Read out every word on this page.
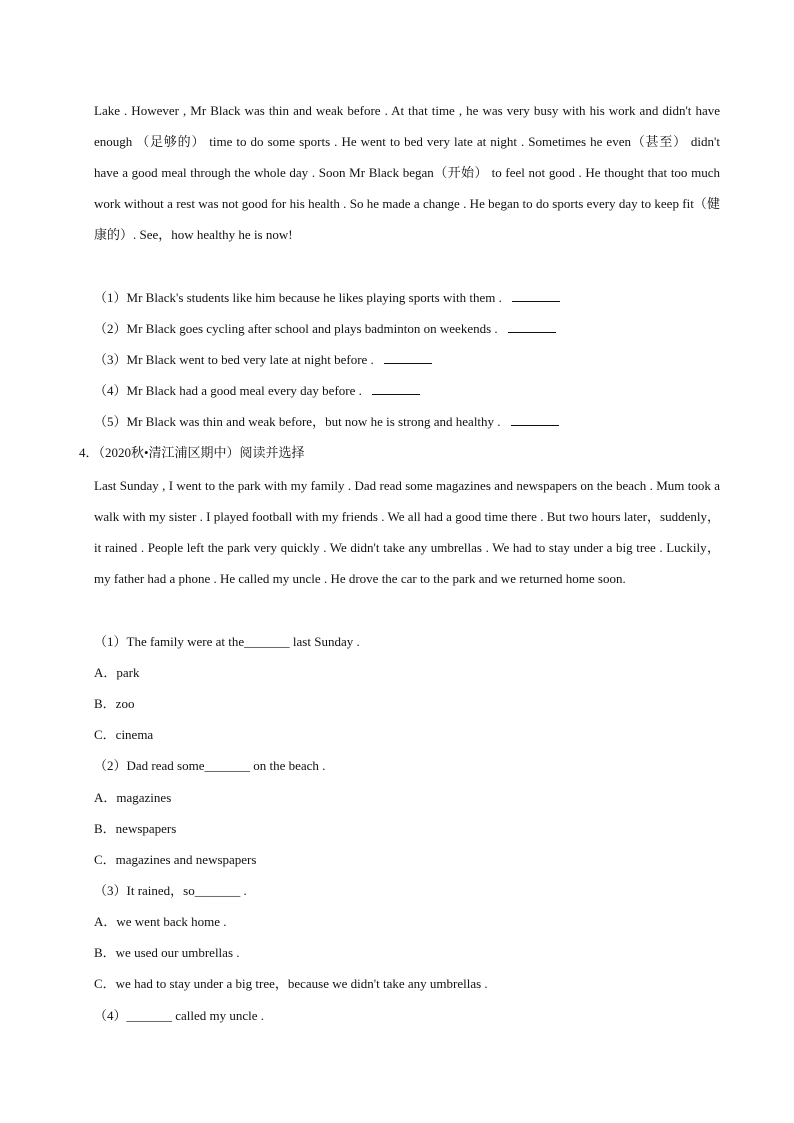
Lake . However , Mr Black was thin and weak before . At that time , he was very busy with his work and didn't have enough （足够的） time to do some sports . He went to bed very late at night . Sometimes he even（甚至） didn't have a good meal through the whole day . Soon Mr Black began（开始） to feel not good . He thought that too much work without a rest was not good for his health . So he made a change . He began to do sports every day to keep fit（健康的）. See，how healthy he is now!
（1）Mr Black's students like him because he likes playing sports with them .
（2）Mr Black goes cycling after school and plays badminton on weekends .
（3）Mr Black went to bed very late at night before .
（4）Mr Black had a good meal every day before .
（5）Mr Black was thin and weak before，but now he is strong and healthy .
4．（2020秋•清江浦区期中）阅读并选择
Last Sunday , I went to the park with my family . Dad read some magazines and newspapers on the beach . Mum took a walk with my sister . I played football with my friends . We all had a good time there . But two hours later，suddenly，it rained . People left the park very quickly . We didn't take any umbrellas . We had to stay under a big tree . Luckily，my father had a phone . He called my uncle . He drove the car to the park and we returned home soon.
（1）The family were at the_______ last Sunday .
A．park
B．zoo
C．cinema
（2）Dad read some_______ on the beach .
A．magazines
B．newspapers
C．magazines and newspapers
（3）It rained，so_______ .
A．we went back home .
B．we used our umbrellas .
C．we had to stay under a big tree，because we didn't take any umbrellas .
（4）_______ called my uncle .
